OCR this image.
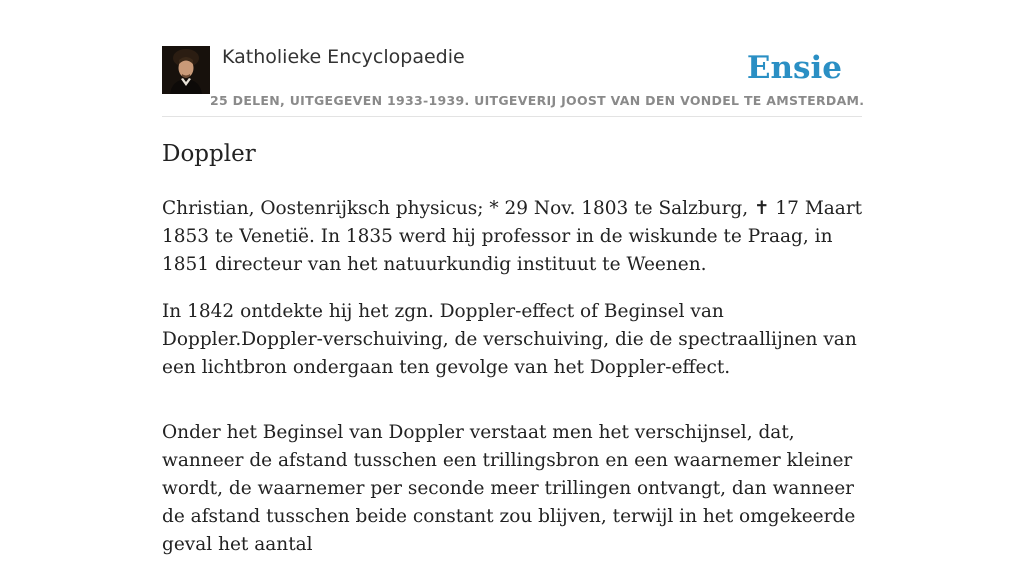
Katholieke Encyclopaedie
25 DELEN, UITGEGEVEN 1933-1939. UITGEVERIJ JOOST VAN DEN VONDEL TE AMSTERDAM.
Ensie
Doppler

Christian, Oostenrijksch physicus; * 29 Nov. 1803 te Salzburg, ✝ 17 Maart 1853 te Venetië. In 1835 werd hij professor in de wiskunde te Praag, in 1851 directeur van het natuurkundig instituut te Weenen.

In 1842 ontdekte hij het zgn. Doppler-effect of Beginsel van Doppler.Doppler-verschuiving, de verschuiving, die de spectraallijnen van een lichtbron ondergaan ten gevolge van het Doppler-effect.

Onder het Beginsel van Doppler verstaat men het verschijnsel, dat, wanneer de afstand tusschen een trillingsbron en een waarnemer kleiner wordt, de waarnemer per seconde meer trillingen ontvangt, dan wanneer de afstand tusschen beide constant zou blijven, terwijl in het omgekeerde geval het aantal
